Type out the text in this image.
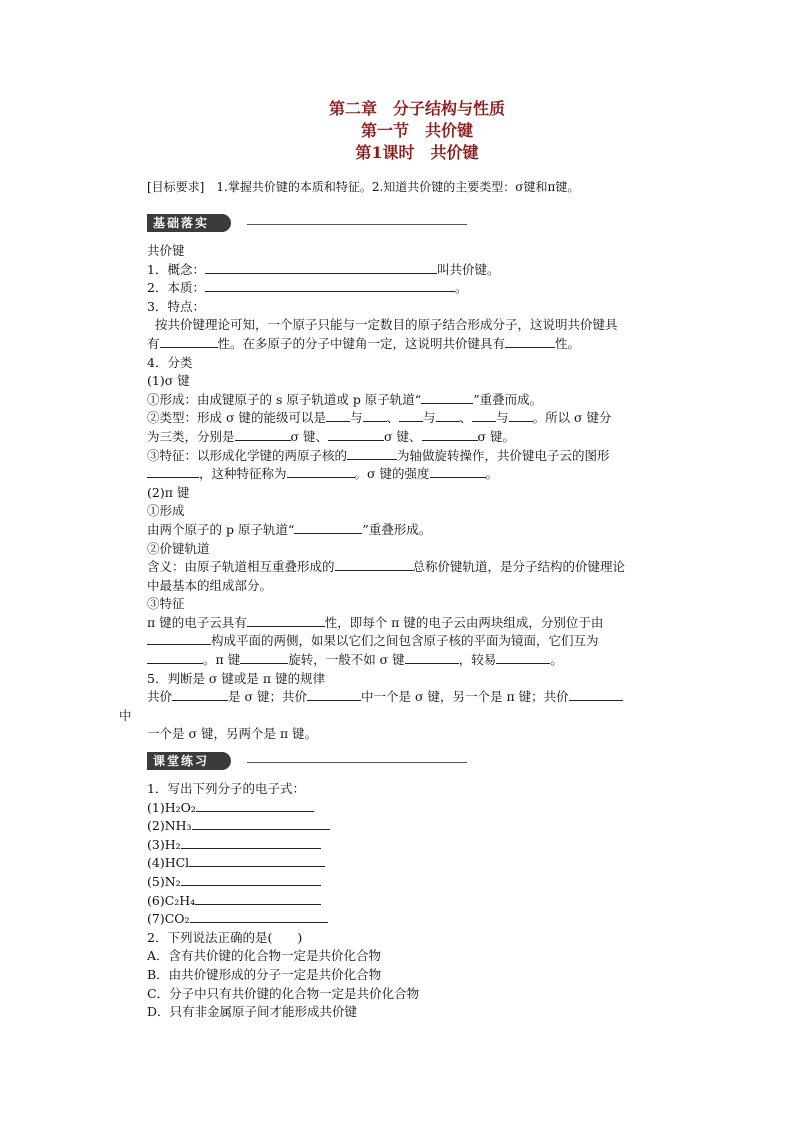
第二章　分子结构与性质
第一节　共价键
第1课时　共价键
[目标要求]　1.掌握共价键的本质和特征。2.知道共价键的主要类型：σ键和π键。
基础落实
共价键
1．概念：	叫共价键。
2．本质：	。
3．特点：
按共价键理论可知，一个原子只能与一定数目的原子结合形成分子，这说明共价键具
有	性。在多原子的分子中键角一定，这说明共价键具有	性。
4．分类
(1)σ 键
①形成：由成键原子的 s 原子轨道或 p 原子轨道“	”重叠而成。
②类型：形成 σ 键的能级可以是 与 、 与 、 与 。所以 σ 键分
为三类，分别是	σ 键、	σ 键、	σ 键。
③特征：以形成化学键的两原子核的	为轴做旋转操作，共价键电子云的图形
，这种特征称为	。σ 键的强度	。
(2)π 键
①形成
由两个原子的 p 原子轨道“	”重叠形成。
②价键轨道
含义：由原子轨道相互重叠形成的	总称价键轨道，是分子结构的价键理论
中最基本的组成部分。
③特征
π 键的电子云具有	性，即每个 π 键的电子云由两块组成，分别位于由
构成平面的两侧，如果以它们之间包含原子核的平面为镜面，它们互为
。π 键	旋转，一般不如 σ 键	，较易	。
5．判断是 σ 键或是 π 键的规律
共价	是 σ 键；共价	中一个是 σ 键，另一个是 π 键；共价
中
一个是 σ 键，另两个是 π 键。
课堂练习
1．写出下列分子的电子式：
(1)H₂O₂
(2)NH₃
(3)H₂
(4)HCl
(5)N₂
(6)C₂H₄
(7)CO₂
2．下列说法正确的是(　　)
A．含有共价键的化合物一定是共价化合物
B．由共价键形成的分子一定是共价化合物
C．分子中只有共价键的化合物一定是共价化合物
D．只有非金属原子间才能形成共价键
